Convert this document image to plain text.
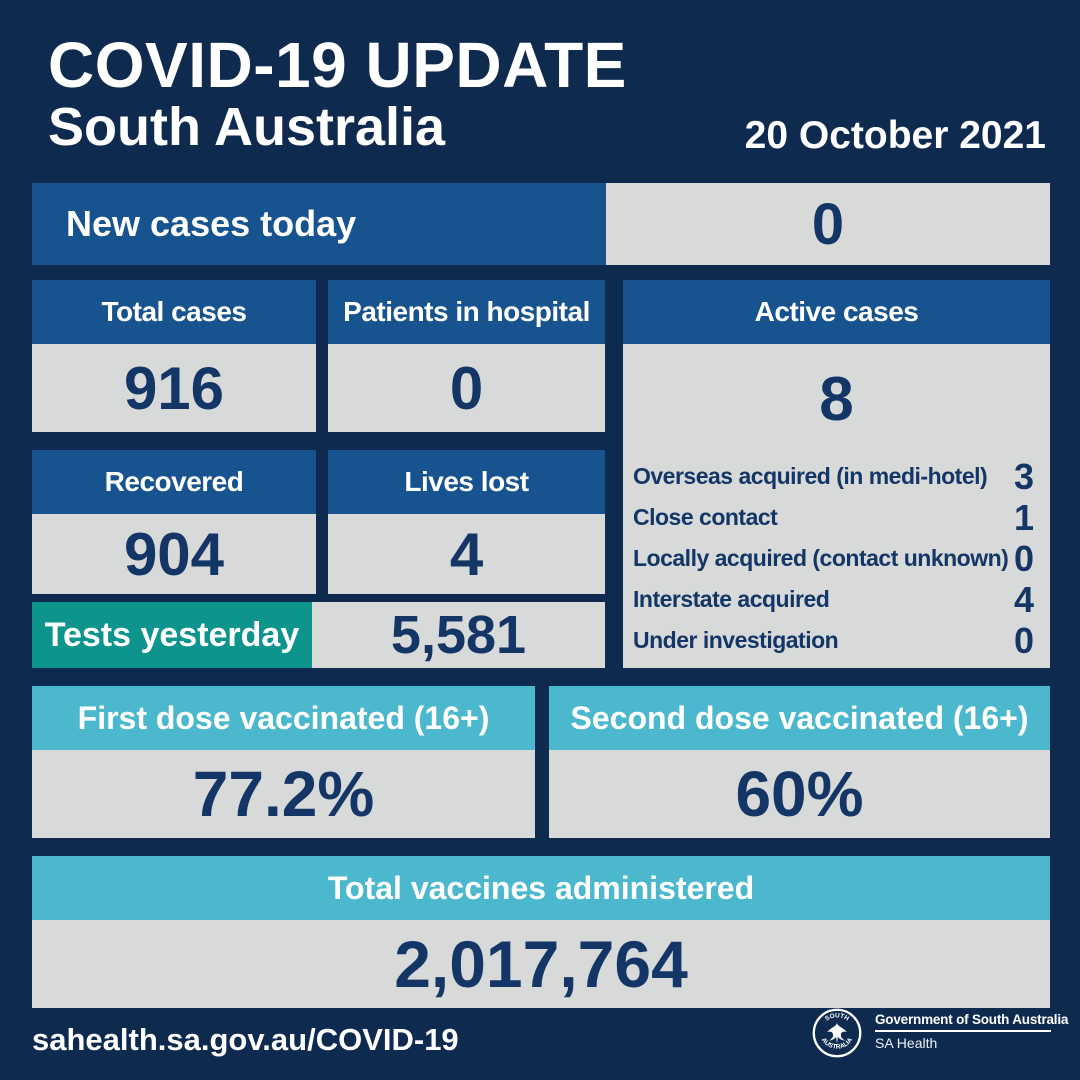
COVID-19 UPDATE
South Australia	20 October 2021
New cases today	0
Total cases
916
Patients in hospital
0
Recovered
904
Lives lost
4
Active cases
8
Overseas acquired (in medi-hotel) 3
Close contact	1
Locally acquired (contact unknown) 0
Interstate acquired	4
Under investigation	0
Tests yesterday	5,581
First dose vaccinated (16+)
77.2%
Second dose vaccinated (16+)
60%
Total vaccines administered
2,017,764
sahealth.sa.gov.au/COVID-19
SOUTH
AUSTRALIA
Government of South Australia
SA Health
